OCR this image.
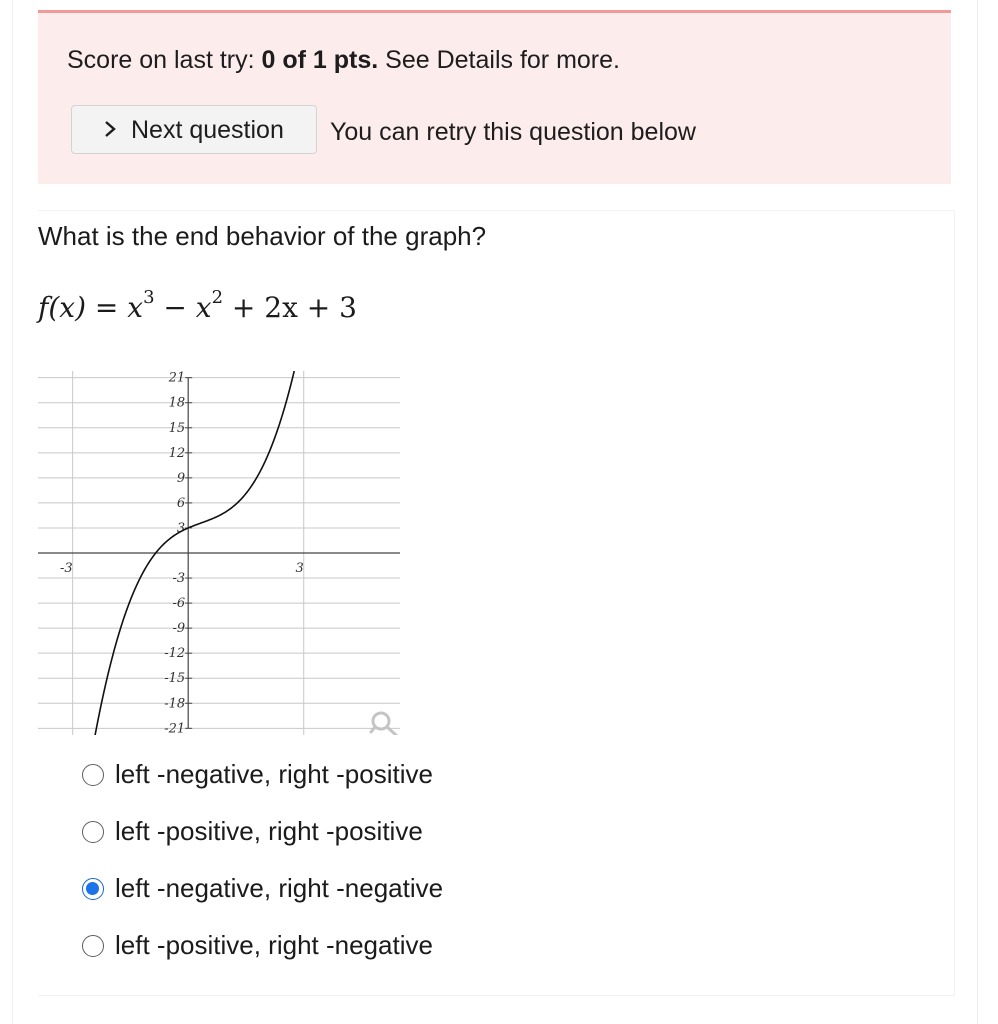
Score on last try: 0 of 1 pts. See Details for more.
Next question You can retry this question below
What is the end behavior of the graph?
$f(x) = x^3 - x^2 + 2x + 3$
21
18
15
12
9
6
3
-3
-6
-9
-12
-15
-18
-21
-3	3
left -negative, right -positive
left -positive, right -positive
left -negative, right -negative
left -positive, right -negative
